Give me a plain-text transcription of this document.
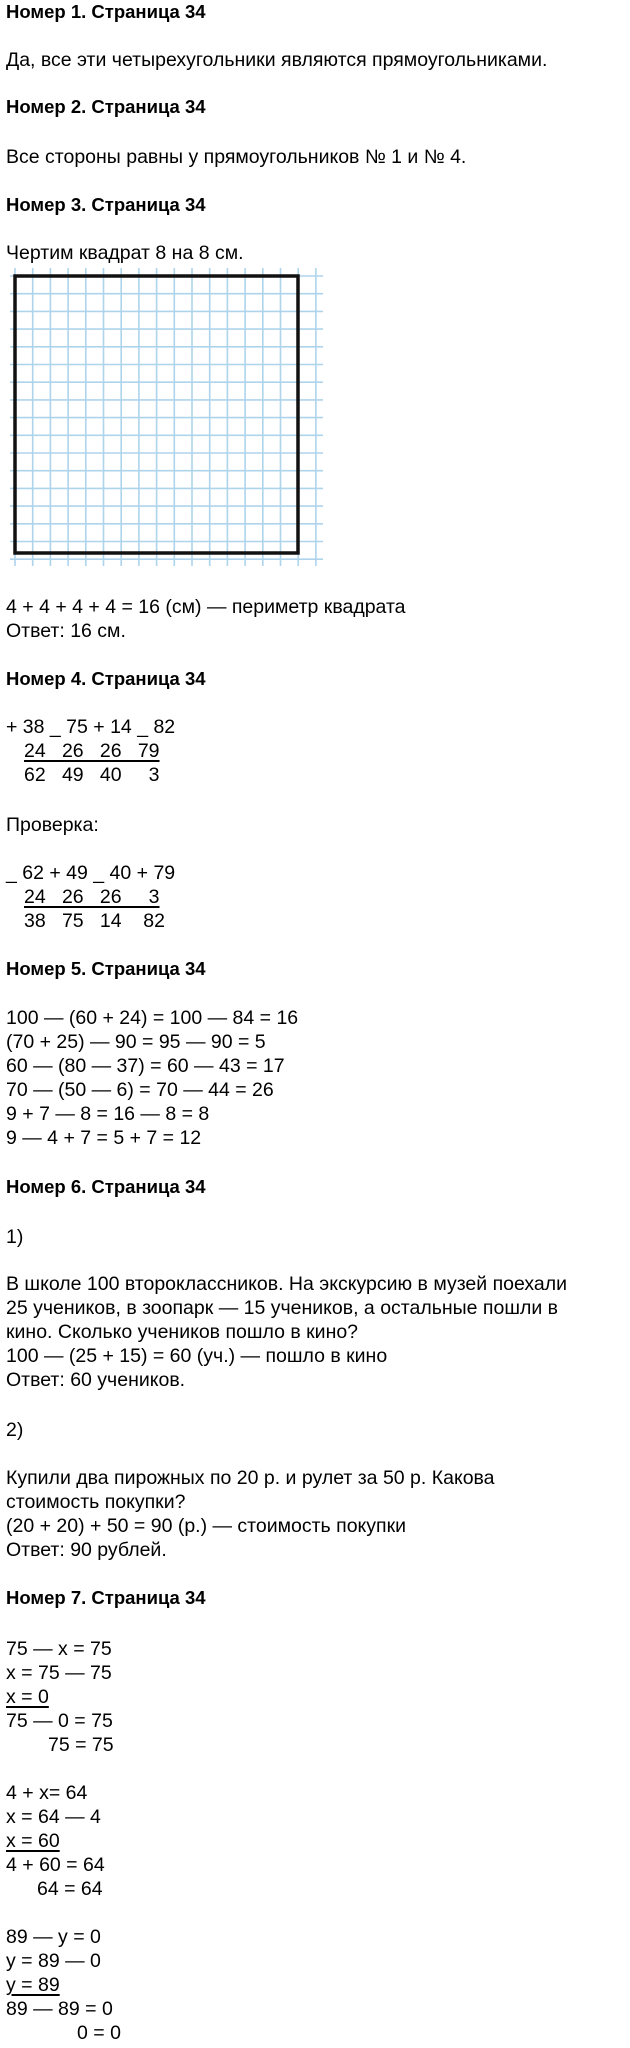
Номер 1. Страница 34
Да, все эти четырехугольники являются прямоугольниками.
Номер 2. Страница 34
Все стороны равны у прямоугольников № 1 и № 4.
Номер 3. Страница 34
Чертим квадрат 8 на 8 см.
4 + 4 + 4 + 4 = 16 (см) — периметр квадрата
Ответ: 16 см.
Номер 4. Страница 34
+ 38 _ 75 + 14 _ 82
24   26   26   79
62   49   40     3
Проверка:
_ 62 + 49 _ 40 + 79
24   26   26     3
38   75   14    82
Номер 5. Страница 34
100 — (60 + 24) = 100 — 84 = 16
(70 + 25) — 90 = 95 — 90 = 5
60 — (80 — 37) = 60 — 43 = 17
70 — (50 — 6) = 70 — 44 = 26
9 + 7 — 8 = 16 — 8 = 8
9 — 4 + 7 = 5 + 7 = 12
Номер 6. Страница 34
1)
В школе 100 второклассников. На экскурсию в музей поехали
25 учеников, в зоопарк — 15 учеников, а остальные пошли в
кино. Сколько учеников пошло в кино?
100 — (25 + 15) = 60 (уч.) — пошло в кино
Ответ: 60 учеников.
2)
Купили два пирожных по 20 р. и рулет за 50 р. Какова
стоимость покупки?
(20 + 20) + 50 = 90 (р.) — стоимость покупки
Ответ: 90 рублей.
Номер 7. Страница 34
75 — x = 75
x = 75 — 75
x = 0
75 — 0 = 75
75 = 75
4 + x= 64
x = 64 — 4
x = 60
4 + 60 = 64
64 = 64
89 — y = 0
y = 89 — 0
y = 89
89 — 89 = 0
0 = 0
